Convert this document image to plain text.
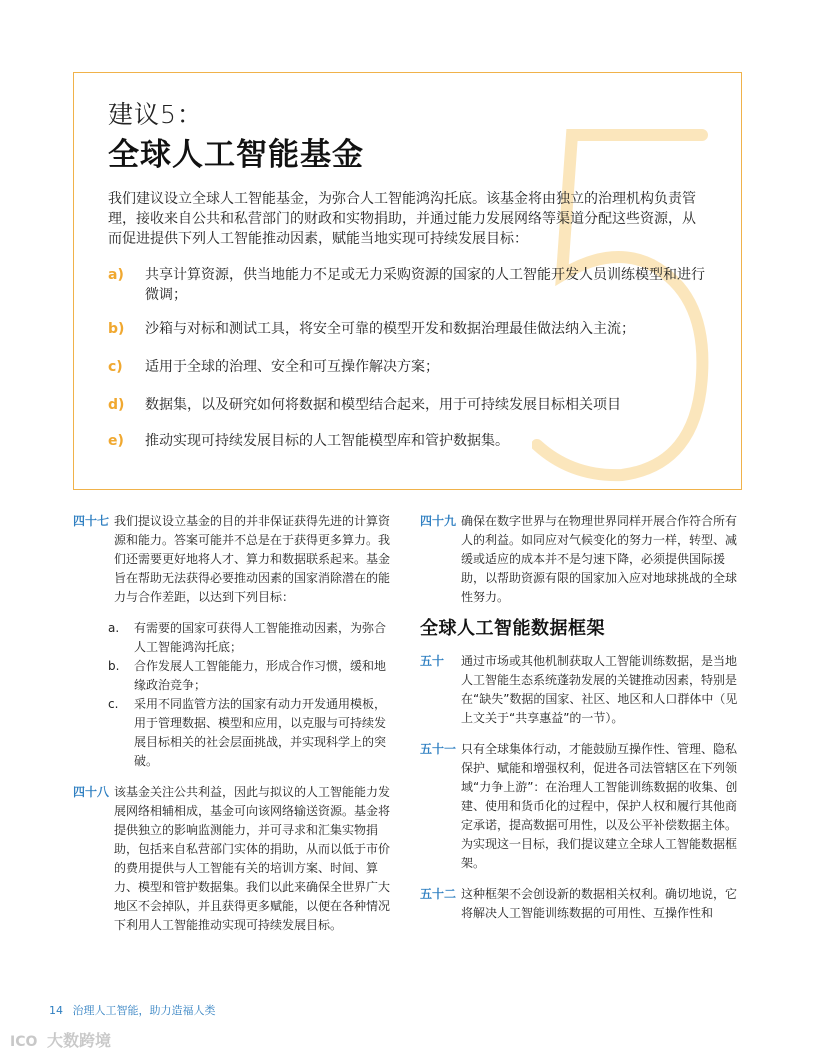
建议5：
全球人工智能基金
我们建议设立全球人工智能基金，为弥合人工智能鸿沟托底。该基金将由独立的治理机构负责管理，接收来自公共和私营部门的财政和实物捐助，并通过能力发展网络等渠道分配这些资源，从而促进提供下列人工智能推动因素，赋能当地实现可持续发展目标：
a) 共享计算资源，供当地能力不足或无力采购资源的国家的人工智能开发人员训练模型和进行微调；
b) 沙箱与对标和测试工具，将安全可靠的模型开发和数据治理最佳做法纳入主流；
c) 适用于全球的治理、安全和可互操作解决方案；
d) 数据集，以及研究如何将数据和模型结合起来，用于可持续发展目标相关项目
e) 推动实现可持续发展目标的人工智能模型库和管护数据集。
四十七 我们提议设立基金的目的并非保证获得先进的计算资源和能力。答案可能并不总是在于获得更多算力。我们还需要更好地将人才、算力和数据联系起来。基金旨在帮助无法获得必要推动因素的国家消除潜在的能力与合作差距，以达到下列目标：
a. 有需要的国家可获得人工智能推动因素，为弥合人工智能鸿沟托底；
b. 合作发展人工智能能力，形成合作习惯，缓和地缘政治竞争；
c. 采用不同监管方法的国家有动力开发通用模板，用于管理数据、模型和应用，以克服与可持续发展目标相关的社会层面挑战，并实现科学上的突破。
四十八 该基金关注公共利益，因此与拟议的人工智能能力发展网络相辅相成，基金可向该网络输送资源。基金将提供独立的影响监测能力，并可寻求和汇集实物捐助，包括来自私营部门实体的捐助，从而以低于市价的费用提供与人工智能有关的培训方案、时间、算力、模型和管护数据集。我们以此来确保全世界广大地区不会掉队，并且获得更多赋能，以便在各种情况下利用人工智能推动实现可持续发展目标。
四十九 确保在数字世界与在物理世界同样开展合作符合所有人的利益。如同应对气候变化的努力一样，转型、减缓或适应的成本并不是匀速下降，必须提供国际援助，以帮助资源有限的国家加入应对地球挑战的全球性努力。
全球人工智能数据框架
五十 通过市场或其他机制获取人工智能训练数据，是当地人工智能生态系统蓬勃发展的关键推动因素，特别是在“缺失”数据的国家、社区、地区和人口群体中（见上文关于“共享惠益”的一节）。
五十一 只有全球集体行动，才能鼓励互操作性、管理、隐私保护、赋能和增强权利，促进各司法管辖区在下列领域“力争上游”：在治理人工智能训练数据的收集、创建、使用和货币化的过程中，保护人权和履行其他商定承诺，提高数据可用性，以及公平补偿数据主体。为实现这一目标，我们提议建立全球人工智能数据框架。
五十二 这种框架不会创设新的数据相关权利。确切地说，它将解决人工智能训练数据的可用性、互操作性和
14 治理人工智能，助力造福人类
ICO 大数跨境
